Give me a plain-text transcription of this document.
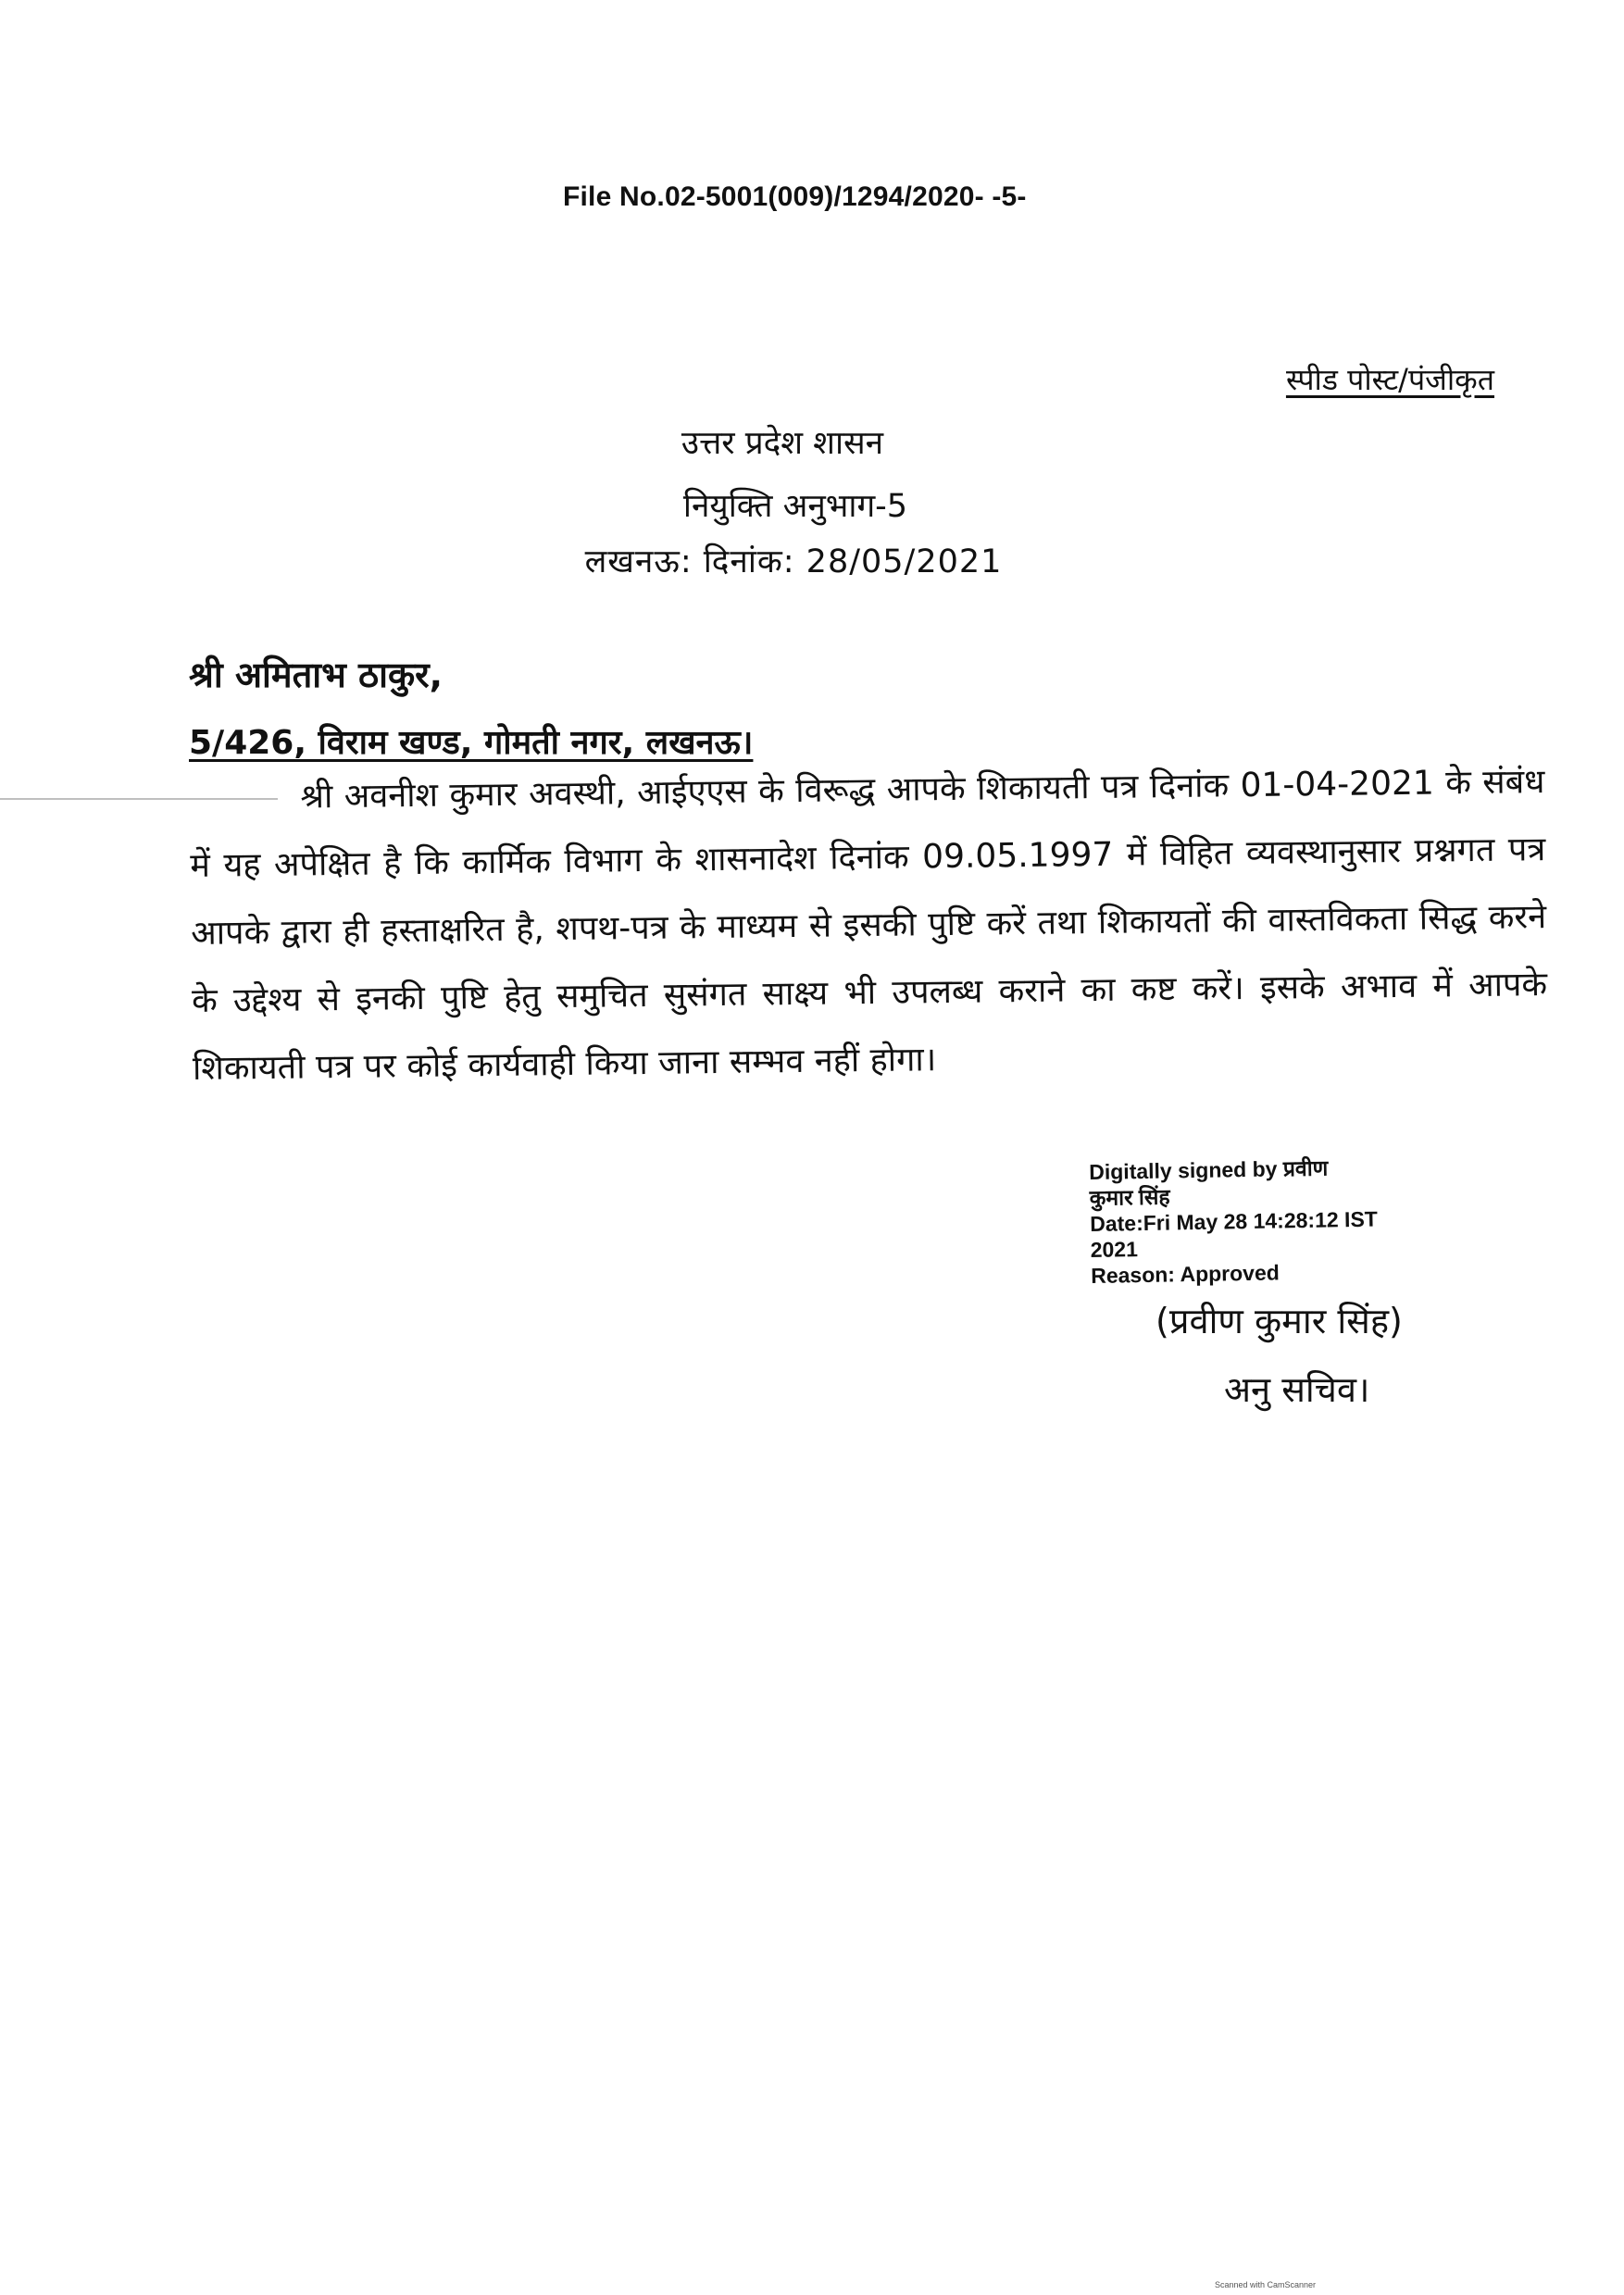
File No.02-5001(009)/1294/2020- -5-
स्पीड पोस्ट/पंजीकृत
उत्तर प्रदेश शासन
नियुक्ति अनुभाग-5
लखनऊ: दिनांक: 28/05/2021
श्री अमिताभ ठाकुर,
5/426, विराम खण्ड, गोमती नगर, लखनऊ।
श्री अवनीश कुमार अवस्थी, आईएएस के विरूद्ध आपके शिकायती पत्र दिनांक 01-04-2021 के संबंध में यह अपेक्षित है कि कार्मिक विभाग के शासनादेश दिनांक 09.05.1997 में विहित व्यवस्थानुसार प्रश्नगत पत्र आपके द्वारा ही हस्ताक्षरित है, शपथ-पत्र के माध्यम से इसकी पुष्टि करें तथा शिकायतों की वास्तविकता सिद्ध करने के उद्देश्य से इनकी पुष्टि हेतु समुचित सुसंगत साक्ष्य भी उपलब्ध कराने का कष्ट करें। इसके अभाव में आपके शिकायती पत्र पर कोई कार्यवाही किया जाना सम्भव नहीं होगा।
Digitally signed by प्रवीण
कुमार सिंह
Date:Fri May 28 14:28:12 IST
2021
Reason: Approved
(प्रवीण कुमार सिंह)
अनु सचिव।
Scanned with CamScanner
